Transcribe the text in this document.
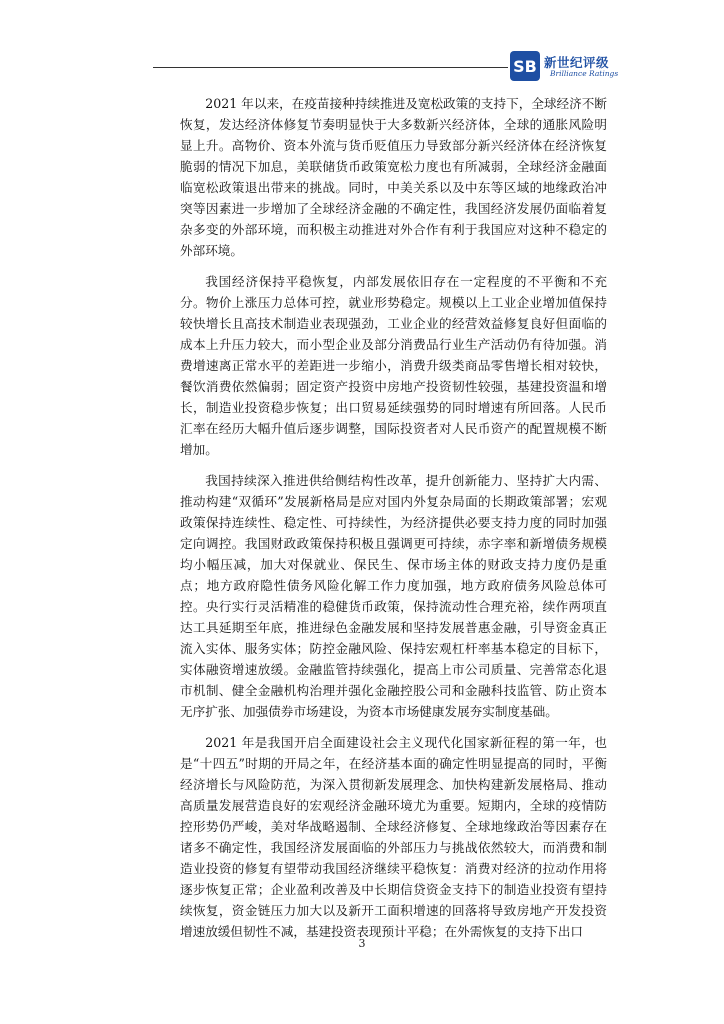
SB 新世纪评级
Brilliance Ratings

2021 年以来，在疫苗接种持续推进及宽松政策的支持下，全球经济不断恢复，发达经济体修复节奏明显快于大多数新兴经济体，全球的通胀风险明显上升。高物价、资本外流与货币贬值压力导致部分新兴经济体在经济恢复脆弱的情况下加息，美联储货币政策宽松力度也有所减弱，全球经济金融面临宽松政策退出带来的挑战。同时，中美关系以及中东等区域的地缘政治冲突等因素进一步增加了全球经济金融的不确定性，我国经济发展仍面临着复杂多变的外部环境，而积极主动推进对外合作有利于我国应对这种不稳定的外部环境。

我国经济保持平稳恢复，内部发展依旧存在一定程度的不平衡和不充分。物价上涨压力总体可控，就业形势稳定。规模以上工业企业增加值保持较快增长且高技术制造业表现强劲，工业企业的经营效益修复良好但面临的成本上升压力较大，而小型企业及部分消费品行业生产活动仍有待加强。消费增速离正常水平的差距进一步缩小，消费升级类商品零售增长相对较快，餐饮消费依然偏弱；固定资产投资中房地产投资韧性较强，基建投资温和增长，制造业投资稳步恢复；出口贸易延续强势的同时增速有所回落。人民币汇率在经历大幅升值后逐步调整，国际投资者对人民币资产的配置规模不断增加。

我国持续深入推进供给侧结构性改革，提升创新能力、坚持扩大内需、推动构建“双循环”发展新格局是应对国内外复杂局面的长期政策部署；宏观政策保持连续性、稳定性、可持续性，为经济提供必要支持力度的同时加强定向调控。我国财政政策保持积极且强调更可持续，赤字率和新增债务规模均小幅压减，加大对保就业、保民生、保市场主体的财政支持力度仍是重点；地方政府隐性债务风险化解工作力度加强，地方政府债务风险总体可控。央行实行灵活精准的稳健货币政策，保持流动性合理充裕，续作两项直达工具延期至年底，推进绿色金融发展和坚持发展普惠金融，引导资金真正流入实体、服务实体；防控金融风险、保持宏观杠杆率基本稳定的目标下，实体融资增速放缓。金融监管持续强化，提高上市公司质量、完善常态化退市机制、健全金融机构治理并强化金融控股公司和金融科技监管、防止资本无序扩张、加强债券市场建设，为资本市场健康发展夯实制度基础。

2021 年是我国开启全面建设社会主义现代化国家新征程的第一年，也是“十四五”时期的开局之年，在经济基本面的确定性明显提高的同时，平衡经济增长与风险防范，为深入贯彻新发展理念、加快构建新发展格局、推动高质量发展营造良好的宏观经济金融环境尤为重要。短期内，全球的疫情防控形势仍严峻，美对华战略遏制、全球经济修复、全球地缘政治等因素存在诸多不确定性，我国经济发展面临的外部压力与挑战依然较大，而消费和制造业投资的修复有望带动我国经济继续平稳恢复：消费对经济的拉动作用将逐步恢复正常；企业盈利改善及中长期信贷资金支持下的制造业投资有望持续恢复，资金链压力加大以及新开工面积增速的回落将导致房地产开发投资增速放缓但韧性不减，基建投资表现预计平稳；在外需恢复的支持下出口

3
